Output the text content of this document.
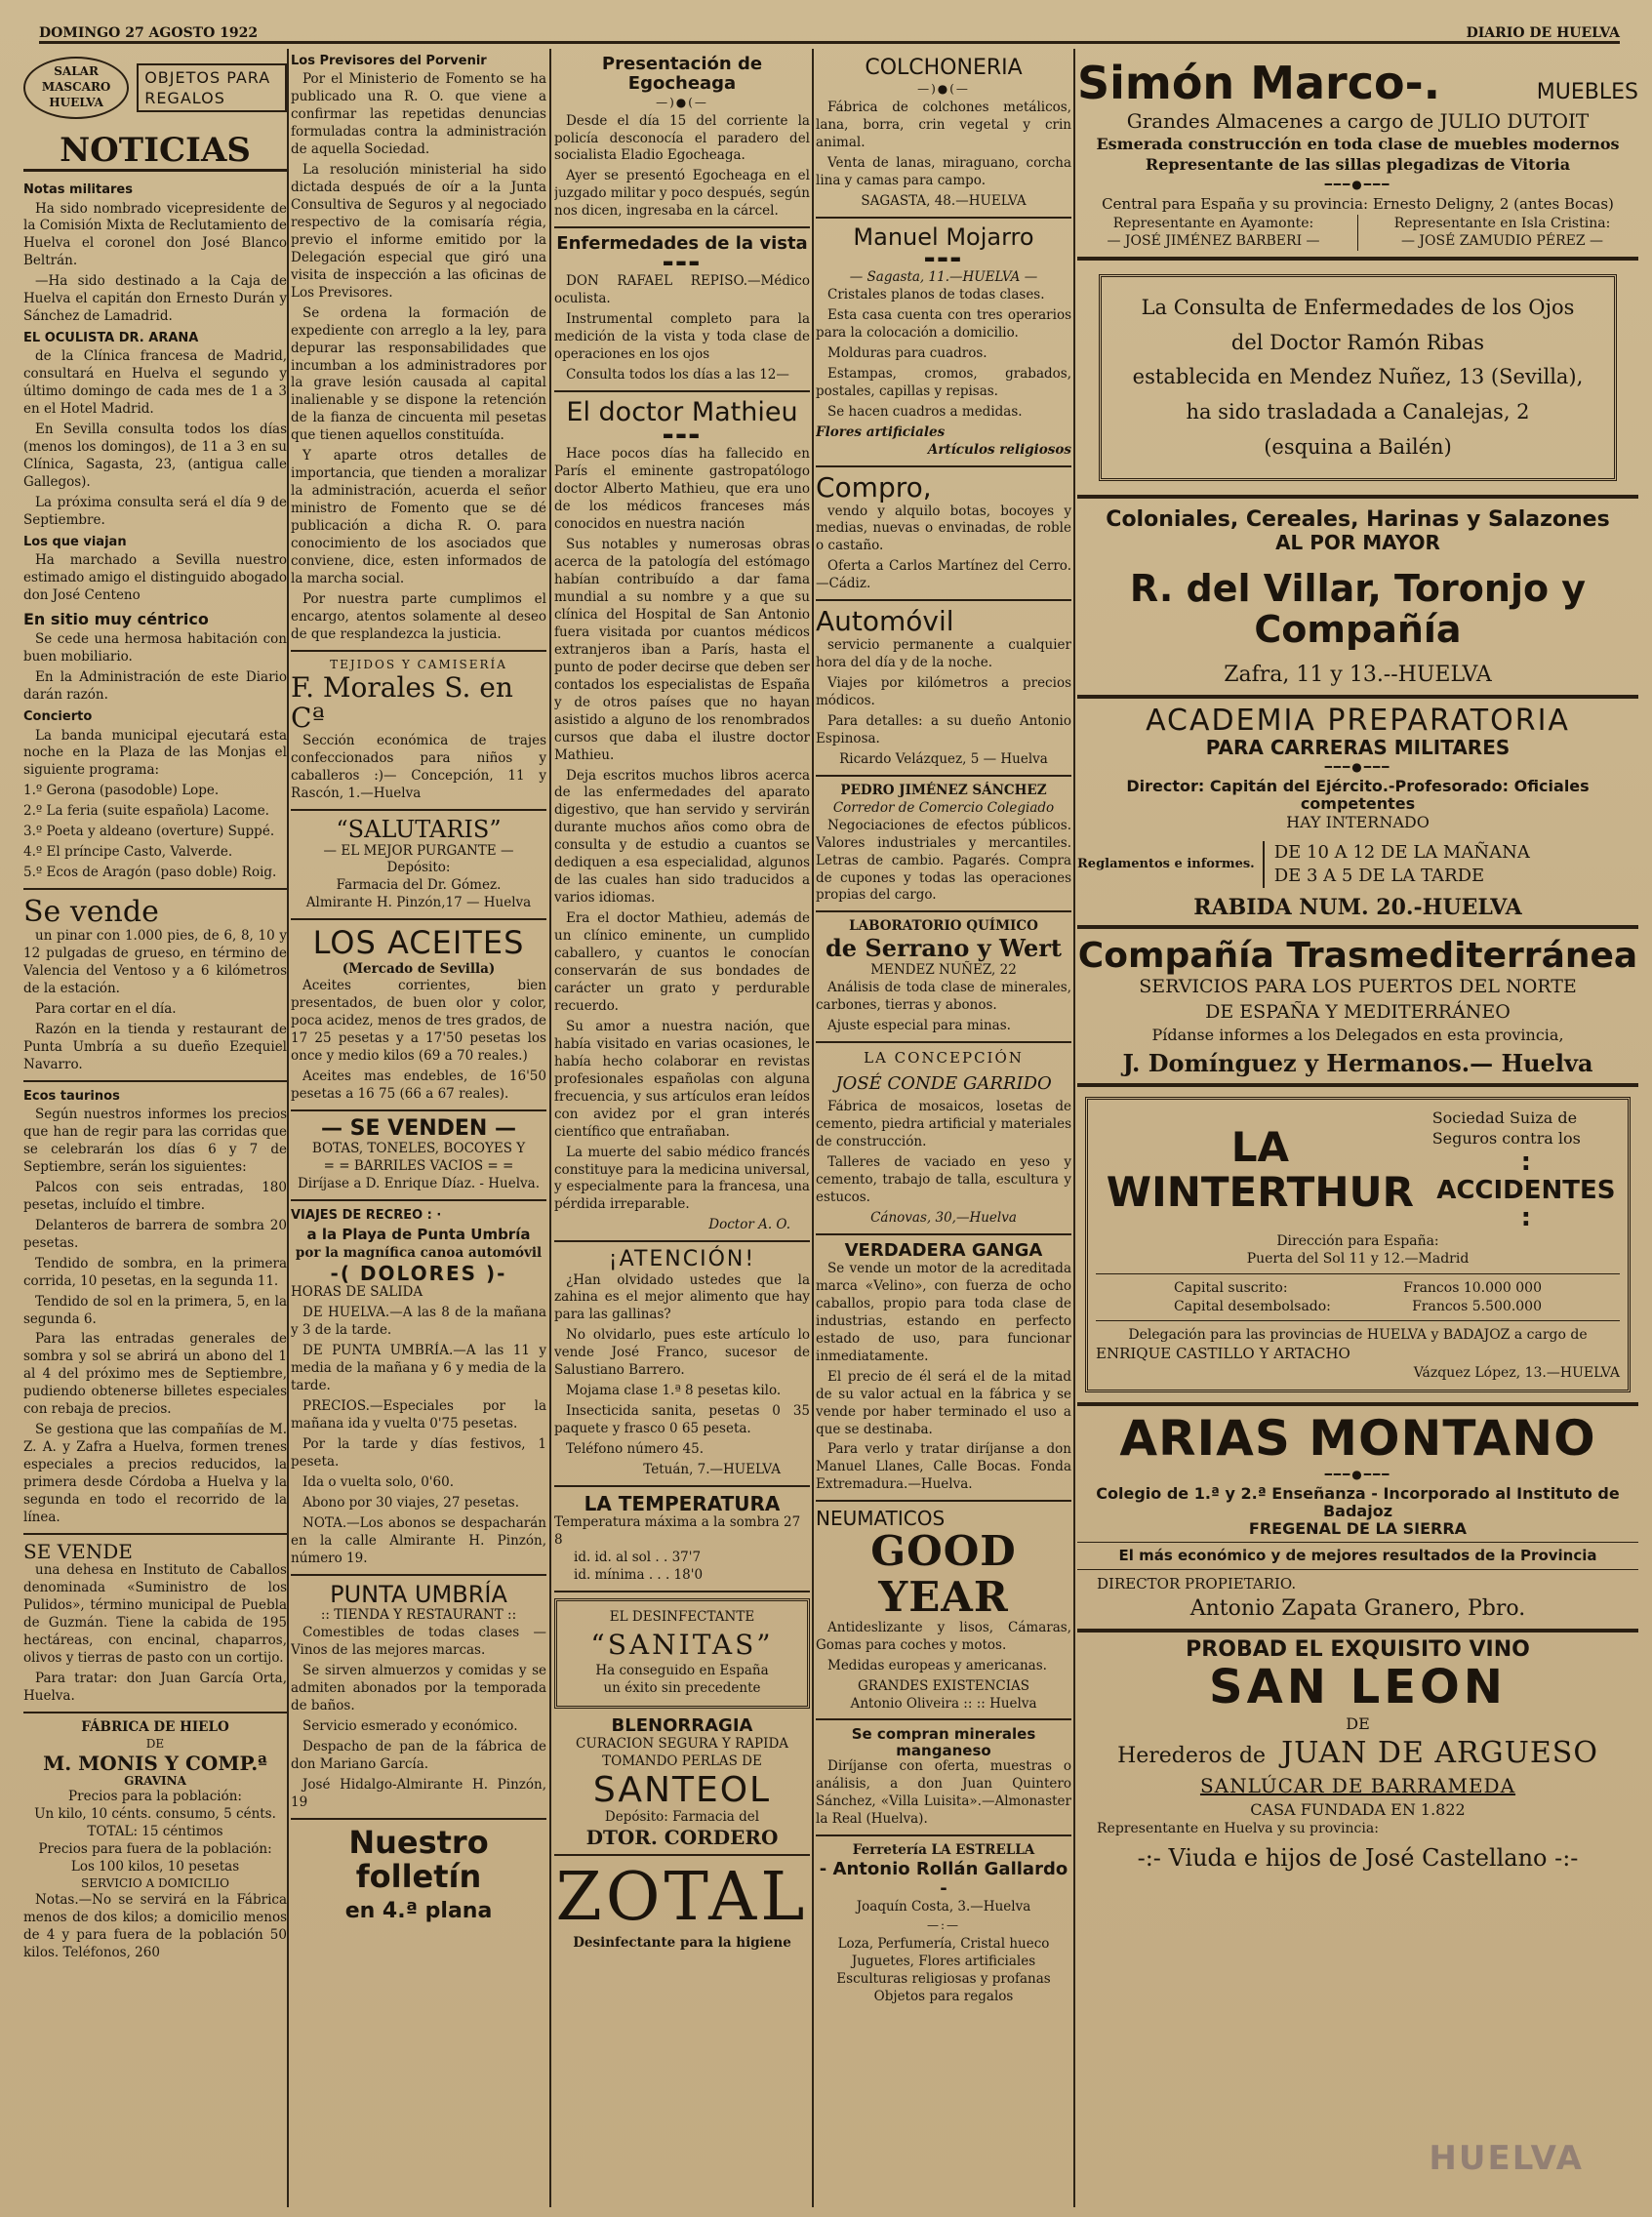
DOMINGO 27 AGOSTO 1922	DIARIO DE HUELVA
SALAR MASCARO
HUELVA
OBJETOS PARA REGALOS
NOTICIAS
Notas militares

Ha sido nombrado vicepresidente de la Comisión Mixta de Reclutamiento de Huelva el coronel don José Blanco Beltrán.

—Ha sido destinado a la Caja de Huelva el capitán don Ernesto Durán y Sánchez de Lamadrid.

EL OCULISTA DR. ARANA

de la Clínica francesa de Madrid, consultará en Huelva el segundo y último domingo de cada mes de 1 a 3 en el Hotel Madrid.

En Sevilla consulta todos los días (menos los domingos), de 11 a 3 en su Clínica, Sagasta, 23, (antigua calle Gallegos).

La próxima consulta será el día 9 de Septiembre.

Los que viajan

Ha marchado a Sevilla nuestro estimado amigo el distinguido abogado don José Centeno

En sitio muy céntrico

Se cede una hermosa habitación con buen mobiliario.

En la Administración de este Diario darán razón.

Concierto

La banda municipal ejecutará esta noche en la Plaza de las Monjas el siguiente programa:

1.º Gerona (pasodoble) Lope.

2.º La feria (suite española) Lacome.

3.º Poeta y aldeano (overture) Suppé.

4.º El príncipe Casto, Valverde.

5.º Ecos de Aragón (paso doble) Roig.

Se vende

un pinar con 1.000 pies, de 6, 8, 10 y 12 pulgadas de grueso, en término de Valencia del Ventoso y a 6 kilómetros de la estación.

Para cortar en el día.

Razón en la tienda y restaurant de Punta Umbría a su dueño Ezequiel Navarro.

Ecos taurinos

Según nuestros informes los precios que han de regir para las corridas que se celebrarán los días 6 y 7 de Septiembre, serán los siguientes:

Palcos con seis entradas, 180 pesetas, incluído el timbre.

Delanteros de barrera de sombra 20 pesetas.

Tendido de sombra, en la primera corrida, 10 pesetas, en la segunda 11.

Tendido de sol en la primera, 5, en la segunda 6.

Para las entradas generales de sombra y sol se abrirá un abono del 1 al 4 del próximo mes de Septiembre, pudiendo obtenerse billetes especiales con rebaja de precios.

Se gestiona que las compañías de M. Z. A. y Zafra a Huelva, formen trenes especiales a precios reducidos, la primera desde Córdoba a Huelva y la segunda en todo el recorrido de la línea.

SE VENDE

una dehesa en Instituto de Caballos denominada «Suministro de los Pulidos», término municipal de Puebla de Guzmán. Tiene la cabida de 195 hectáreas, con encinal, chaparros, olivos y tierras de pasto con un cortijo.

Para tratar: don Juan García Orta, Huelva.

FÁBRICA DE HIELO
DE
M. MONIS Y COMP.ª
GRAVINA
Precios para la población:
Un kilo, 10 cénts. consumo, 5 cénts.
TOTAL: 15 céntimos
Precios para fuera de la población:
Los 100 kilos, 10 pesetas
SERVICIO A DOMICILIO

Notas.—No se servirá en la Fábrica menos de dos kilos; a domicilio menos de 4 y para fuera de la población 50 kilos. Teléfonos, 260

Los Previsores del Porvenir

Por el Ministerio de Fomento se ha publicado una R. O. que viene a confirmar las repetidas denuncias formuladas contra la administración de aquella Sociedad.

La resolución ministerial ha sido dictada después de oír a la Junta Consultiva de Seguros y al negociado respectivo de la comisaría régia, previo el informe emitido por la Delegación especial que giró una visita de inspección a las oficinas de Los Previsores.

Se ordena la formación de expediente con arreglo a la ley, para depurar las responsabilidades que incumban a los administradores por la grave lesión causada al capital inalienable y se dispone la retención de la fianza de cincuenta mil pesetas que tienen aquellos constituída.

Y aparte otros detalles de importancia, que tienden a moralizar la administración, acuerda el señor ministro de Fomento que se dé publicación a dicha R. O. para conocimiento de los asociados que conviene, dice, esten informados de la marcha social.

Por nuestra parte cumplimos el encargo, atentos solamente al deseo de que resplandezca la justicia.

TEJIDOS Y CAMISERÍA
F. Morales S. en Cª

Sección económica de trajes confeccionados para niños y caballeros :)— Concepción, 11 y Rascón, 1.—Huelva

“SALUTARIS”
— EL MEJOR PURGANTE —
Depósito:
Farmacia del Dr. Gómez.
Almirante H. Pinzón,17 — Huelva
LOS ACEITES
(Mercado de Sevilla)

Aceites corrientes, bien presentados, de buen olor y color, poca acidez, menos de tres grados, de 17 25 pesetas y a 17'50 pesetas los once y medio kilos (69 a 70 reales.)

Aceites mas endebles, de 16'50 pesetas a 16 75 (66 a 67 reales).

— SE VENDEN —
BOTAS, TONELES, BOCOYES Y
= = BARRILES VACIOS = =
Diríjase a D. Enrique Díaz. - Huelva.
VIAJES DE RECREO : ·
a la Playa de Punta Umbría
por la magnífica canoa automóvil
-( DOLORES )-

HORAS DE SALIDA

DE HUELVA.—A las 8 de la mañana y 3 de la tarde.

DE PUNTA UMBRÍA.—A las 11 y media de la mañana y 6 y media de la tarde.

PRECIOS.—Especiales por la mañana ida y vuelta 0'75 pesetas.

Por la tarde y días festivos, 1 peseta.

Ida o vuelta solo, 0'60.

Abono por 30 viajes, 27 pesetas.

NOTA.—Los abonos se despacharán en la calle Almirante H. Pinzón, número 19.

PUNTA UMBRÍA
:: TIENDA Y RESTAURANT ::

Comestibles de todas clases — Vinos de las mejores marcas.

Se sirven almuerzos y comidas y se admiten abonados por la temporada de baños.

Servicio esmerado y económico.

Despacho de pan de la fábrica de don Mariano García.

José Hidalgo-Almirante H. Pinzón, 19

Nuestro folletín
en 4.ª plana
Presentación de Egocheaga
—)●(—

Desde el día 15 del corriente la policía desconocía el paradero del socialista Eladio Egocheaga.

Ayer se presentó Egocheaga en el juzgado militar y poco después, según nos dicen, ingresaba en la cárcel.

Enfermedades de la vista
▬▬▬

DON RAFAEL REPISO.—Médico oculista.

Instrumental completo para la medición de la vista y toda clase de operaciones en los ojos

Consulta todos los días a las 12—

El doctor Mathieu
▬▬▬

Hace pocos días ha fallecido en París el eminente gastropatólogo doctor Alberto Mathieu, que era uno de los médicos franceses más conocidos en nuestra nación

Sus notables y numerosas obras acerca de la patología del estómago habían contribuído a dar fama mundial a su nombre y a que su clínica del Hospital de San Antonio fuera visitada por cuantos médicos extranjeros iban a París, hasta el punto de poder decirse que deben ser contados los especialistas de España y de otros países que no hayan asistido a alguno de los renombrados cursos que daba el ilustre doctor Mathieu.

Deja escritos muchos libros acerca de las enfermedades del aparato digestivo, que han servido y servirán durante muchos años como obra de consulta y de estudio a cuantos se dediquen a esa especialidad, algunos de las cuales han sido traducidos a varios idiomas.

Era el doctor Mathieu, además de un clínico eminente, un cumplido caballero, y cuantos le conocían conservarán de sus bondades de carácter un grato y perdurable recuerdo.

Su amor a nuestra nación, que había visitado en varias ocasiones, le había hecho colaborar en revistas profesionales españolas con alguna frecuencia, y sus artículos eran leídos con avidez por el gran interés científico que entrañaban.

La muerte del sabio médico francés constituye para la medicina universal, y especialmente para la francesa, una pérdida irreparable.

Doctor A. O.
¡ATENCIÓN!

¿Han olvidado ustedes que la zahina es el mejor alimento que hay para las gallinas?

No olvidarlo, pues este artículo lo vende José Franco, sucesor de Salustiano Barrero.

Mojama clase 1.ª 8 pesetas kilo.

Insecticida sanita, pesetas 0 35 paquete y frasco 0 65 peseta.

Teléfono número 45.

Tetuán, 7.—HUELVA
LA TEMPERATURA
Temperatura máxima a la sombra 27 8
id. id. al sol . . 37'7
id. mínima . . . 18'0
EL DESINFECTANTE
“SANITAS”
Ha conseguido en España
un éxito sin precedente
BLENORRAGIA
CURACION SEGURA Y RAPIDA
TOMANDO PERLAS DE
SANTEOL
Depósito: Farmacia del
DTOR. CORDERO
ZOTAL
Desinfectante para la higiene
COLCHONERIA
—)●(—

Fábrica de colchones metálicos, lana, borra, crin vegetal y crin animal.

Venta de lanas, miraguano, corcha lina y camas para campo.

SAGASTA, 48.—HUELVA
Manuel Mojarro
▬▬▬
— Sagasta, 11.—HUELVA —

Cristales planos de todas clases.

Esta casa cuenta con tres operarios para la colocación a domicilio.

Molduras para cuadros.

Estampas, cromos, grabados, postales, capillas y repisas.

Se hacen cuadros a medidas.

Flores artificiales
Artículos religiosos
Compro,

vendo y alquilo botas, bocoyes y medias, nuevas o envinadas, de roble o castaño.

Oferta a Carlos Martínez del Cerro.—Cádiz.

Automóvil

servicio permanente a cualquier hora del día y de la noche.

Viajes por kilómetros a precios módicos.

Para detalles: a su dueño Antonio Espinosa.

Ricardo Velázquez, 5 — Huelva
PEDRO JIMÉNEZ SÁNCHEZ
Corredor de Comercio Colegiado

Negociaciones de efectos públicos. Valores industriales y mercantiles. Letras de cambio. Pagarés. Compra de cupones y todas las operaciones propias del cargo.

LABORATORIO QUÍMICO
de Serrano y Wert
MENDEZ NUÑEZ, 22

Análisis de toda clase de minerales, carbones, tierras y abonos.

Ajuste especial para minas.

LA CONCEPCIÓN
JOSÉ CONDE GARRIDO

Fábrica de mosaicos, losetas de cemento, piedra artificial y materiales de construcción.

Talleres de vaciado en yeso y cemento, trabajo de talla, escultura y estucos.

Cánovas, 30,—Huelva
VERDADERA GANGA

Se vende un motor de la acreditada marca «Velino», con fuerza de ocho caballos, propio para toda clase de industrias, estando en perfecto estado de uso, para funcionar inmediatamente.

El precio de él será el de la mitad de su valor actual en la fábrica y se vende por haber terminado el uso a que se destinaba.

Para verlo y tratar diríjanse a don Manuel Llanes, Calle Bocas. Fonda Extremadura.—Huelva.

NEUMATICOS
GOOD YEAR

Antideslizante y lisos, Cámaras, Gomas para coches y motos.

Medidas europeas y americanas.

GRANDES EXISTENCIAS
Antonio Oliveira :: :: Huelva
Se compran minerales manganeso

Diríjanse con oferta, muestras o análisis, a don Juan Quintero Sánchez, «Villa Luisita».—Almonaster la Real (Huelva).

Ferretería LA ESTRELLA
- Antonio Rollán Gallardo -
Joaquín Costa, 3.—Huelva
—:—
Loza, Perfumería, Cristal hueco
Juguetes, Flores artificiales
Esculturas religiosas y profanas
Objetos para regalos
Simón Marco-.	MUEBLES
Grandes Almacenes a cargo de JULIO DUTOIT
Esmerada construcción en toda clase de muebles modernos
Representante de las sillas plegadizas de Vitoria
━━━●━━━
Central para España y su provincia: Ernesto Deligny, 2 (antes Bocas)
Representante en Ayamonte:
— JOSÉ JIMÉNEZ BARBERI —
Representante en Isla Cristina:
— JOSÉ ZAMUDIO PÉREZ —
La Consulta de Enfermedades de los Ojos
del Doctor Ramón Ribas
establecida en Mendez Nuñez, 13 (Sevilla),
ha sido trasladada a Canalejas, 2
(esquina a Bailén)
Coloniales, Cereales, Harinas y Salazones
AL POR MAYOR
R. del Villar, Toronjo y Compañía
Zafra, 11 y 13.--HUELVA
ACADEMIA PREPARATORIA
PARA CARRERAS MILITARES
━━━●━━━
Director: Capitán del Ejército.-Profesorado: Oficiales competentes
HAY INTERNADO
Reglamentos e informes.
DE 10 A 12 DE LA MAÑANA
DE 3 A 5 DE LA TARDE
RABIDA NUM. 20.-HUELVA
Compañía Trasmediterránea
SERVICIOS PARA LOS PUERTOS DEL NORTE
DE ESPAÑA Y MEDITERRÁNEO
Pídanse informes a los Delegados en esta provincia,
J. Domínguez y Hermanos.— Huelva
LA WINTERTHUR
Sociedad Suiza de
Seguros contra los
: ACCIDENTES :
Dirección para España:
Puerta del Sol 11 y 12.—Madrid
Capital suscrito:	Francos 10.000 000
Capital desembolsado:	Francos 5.500.000
Delegación para las provincias de HUELVA y BADAJOZ a cargo de
ENRIQUE CASTILLO Y ARTACHO
Vázquez López, 13.—HUELVA
ARIAS MONTANO
━━━●━━━
Colegio de 1.ª y 2.ª Enseñanza - Incorporado al Instituto de Badajoz
FREGENAL DE LA SIERRA
El más económico y de mejores resultados de la Provincia
DIRECTOR PROPIETARIO.
Antonio Zapata Granero, Pbro.
PROBAD EL EXQUISITO VINO
SAN LEON
DE
Herederos de JUAN DE ARGUESO
SANLÚCAR DE BARRAMEDA
CASA FUNDADA EN 1.822
Representante en Huelva y su provincia:
-:- Viuda e hijos de José Castellano -:-
HUELVA
